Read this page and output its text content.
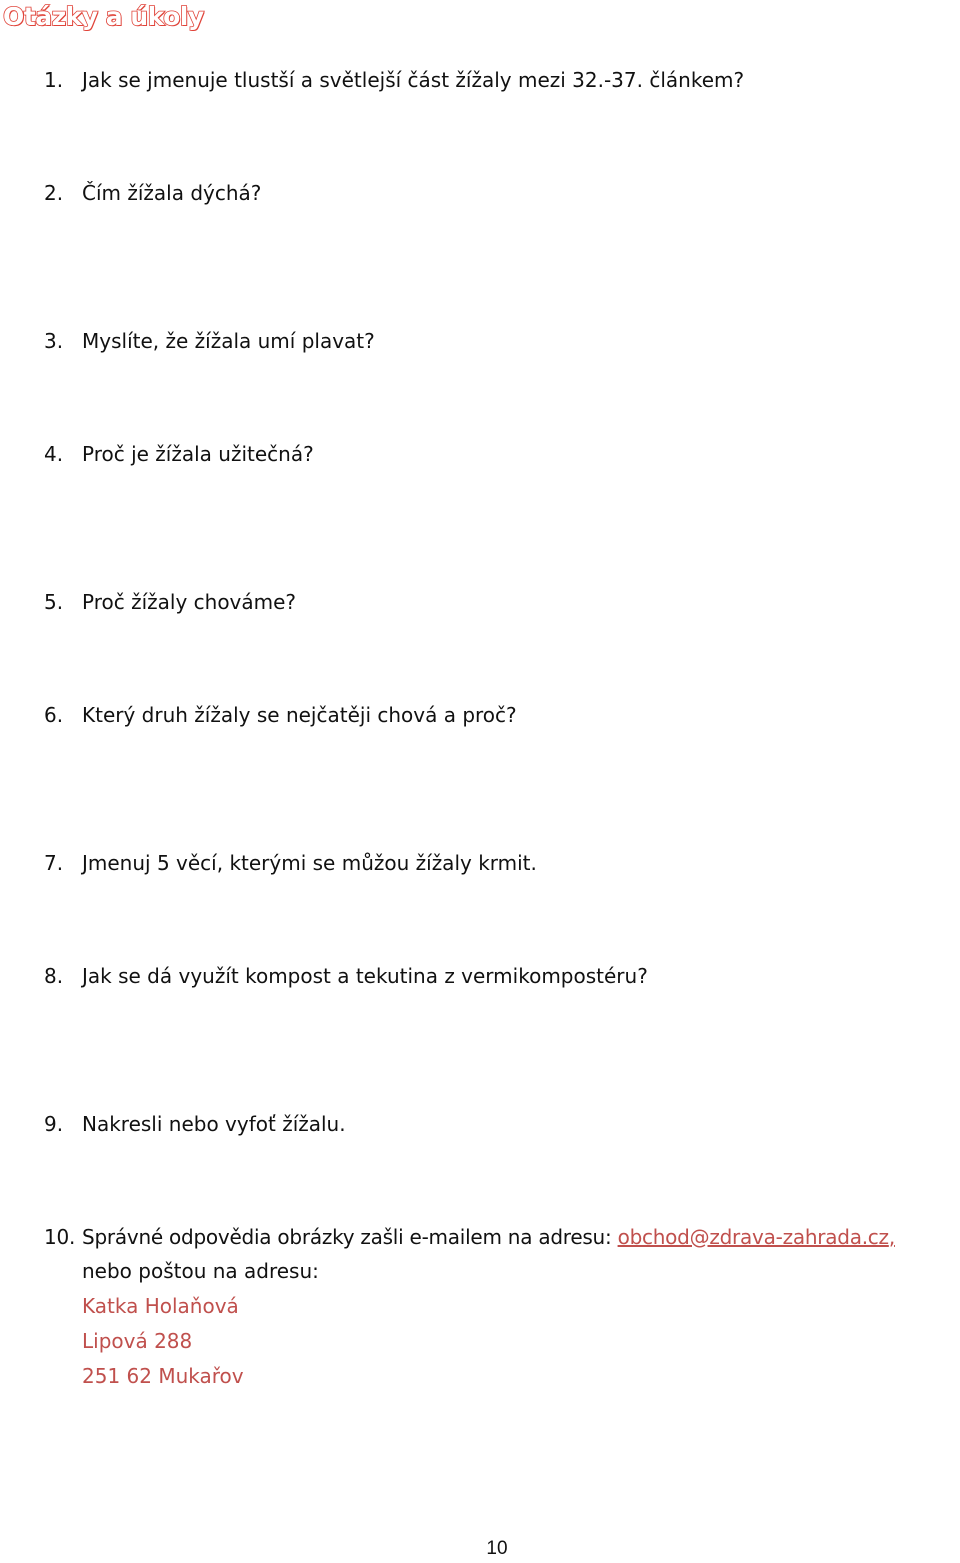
Otázky a úkoly
1. Jak se jmenuje tlustší a světlejší část žížaly mezi 32.-37. článkem?
2. Čím žížala dýchá?
3. Myslíte, že žížala umí plavat?
4. Proč je žížala užitečná?
5. Proč žížaly chováme?
6. Který druh žížaly se nejčatěji chová a proč?
7. Jmenuj 5 věcí, kterými se můžou žížaly krmit.
8. Jak se dá využít kompost a tekutina z vermikompostéru?
9. Nakresli nebo vyfoť žížalu.
10. Správné odpovědia obrázky zašli e-mailem na adresu: obchod@zdrava-zahrada.cz,
nebo poštou na adresu:
Katka Holaňová
Lipová 288
251 62 Mukařov
10
